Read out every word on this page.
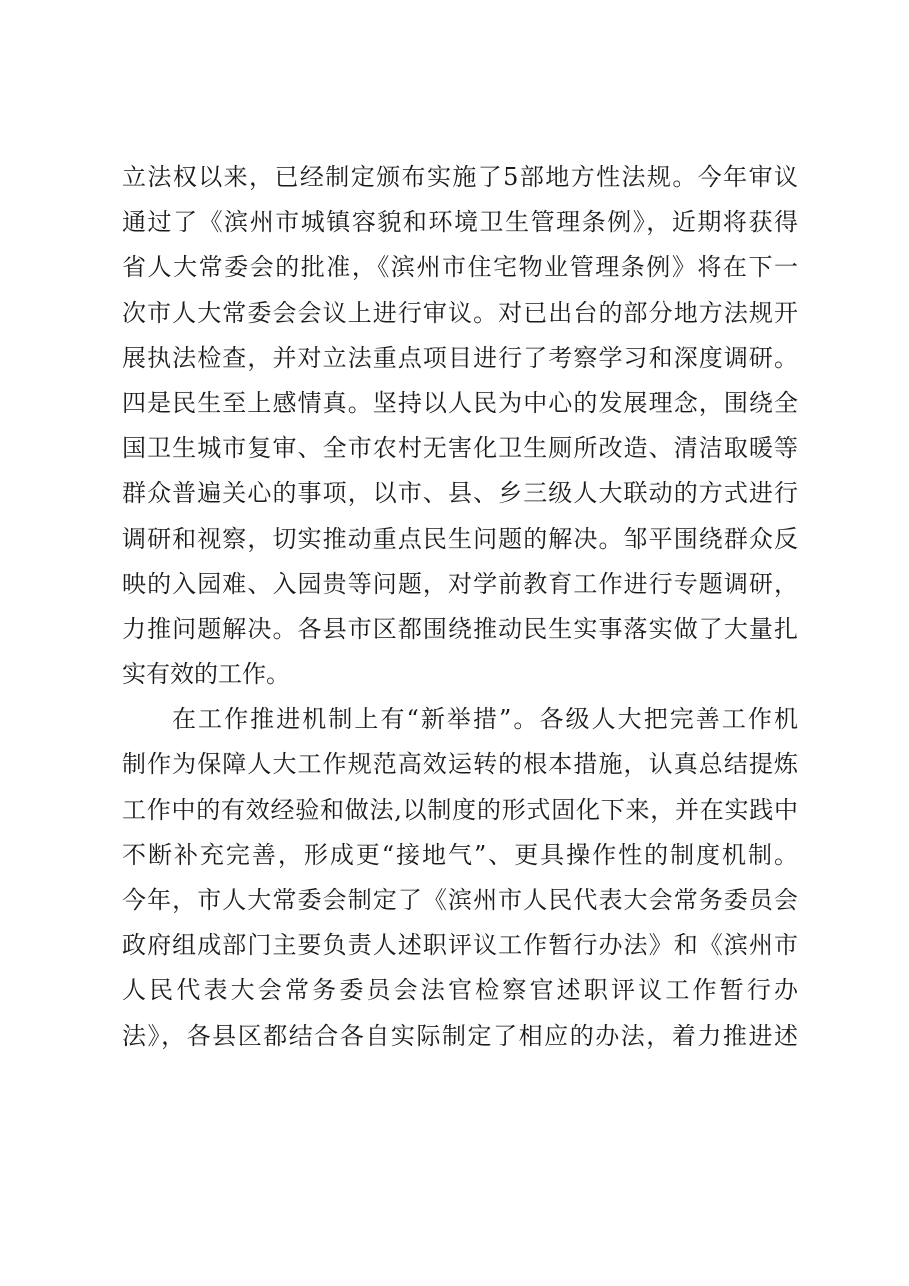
立法权以来，已经制定颁布实施了5部地方性法规。今年审议
通过了《滨州市城镇容貌和环境卫生管理条例》，近期将获得
省人大常委会的批准，《滨州市住宅物业管理条例》将在下一
次市人大常委会会议上进行审议。对已出台的部分地方法规开
展执法检查，并对立法重点项目进行了考察学习和深度调研。
四是民生至上感情真。坚持以人民为中心的发展理念，围绕全
国卫生城市复审、全市农村无害化卫生厕所改造、清洁取暖等
群众普遍关心的事项，以市、县、乡三级人大联动的方式进行
调研和视察，切实推动重点民生问题的解决。邹平围绕群众反
映的入园难、入园贵等问题，对学前教育工作进行专题调研，
力推问题解决。各县市区都围绕推动民生实事落实做了大量扎
实有效的工作。
在工作推进机制上有“新举措”。各级人大把完善工作机
制作为保障人大工作规范高效运转的根本措施，认真总结提炼
工作中的有效经验和做法,以制度的形式固化下来，并在实践中
不断补充完善，形成更“接地气”、更具操作性的制度机制。
今年，市人大常委会制定了《滨州市人民代表大会常务委员会
政府组成部门主要负责人述职评议工作暂行办法》和《滨州市
人民代表大会常务委员会法官检察官述职评议工作暂行办
法》，各县区都结合各自实际制定了相应的办法，着力推进述
